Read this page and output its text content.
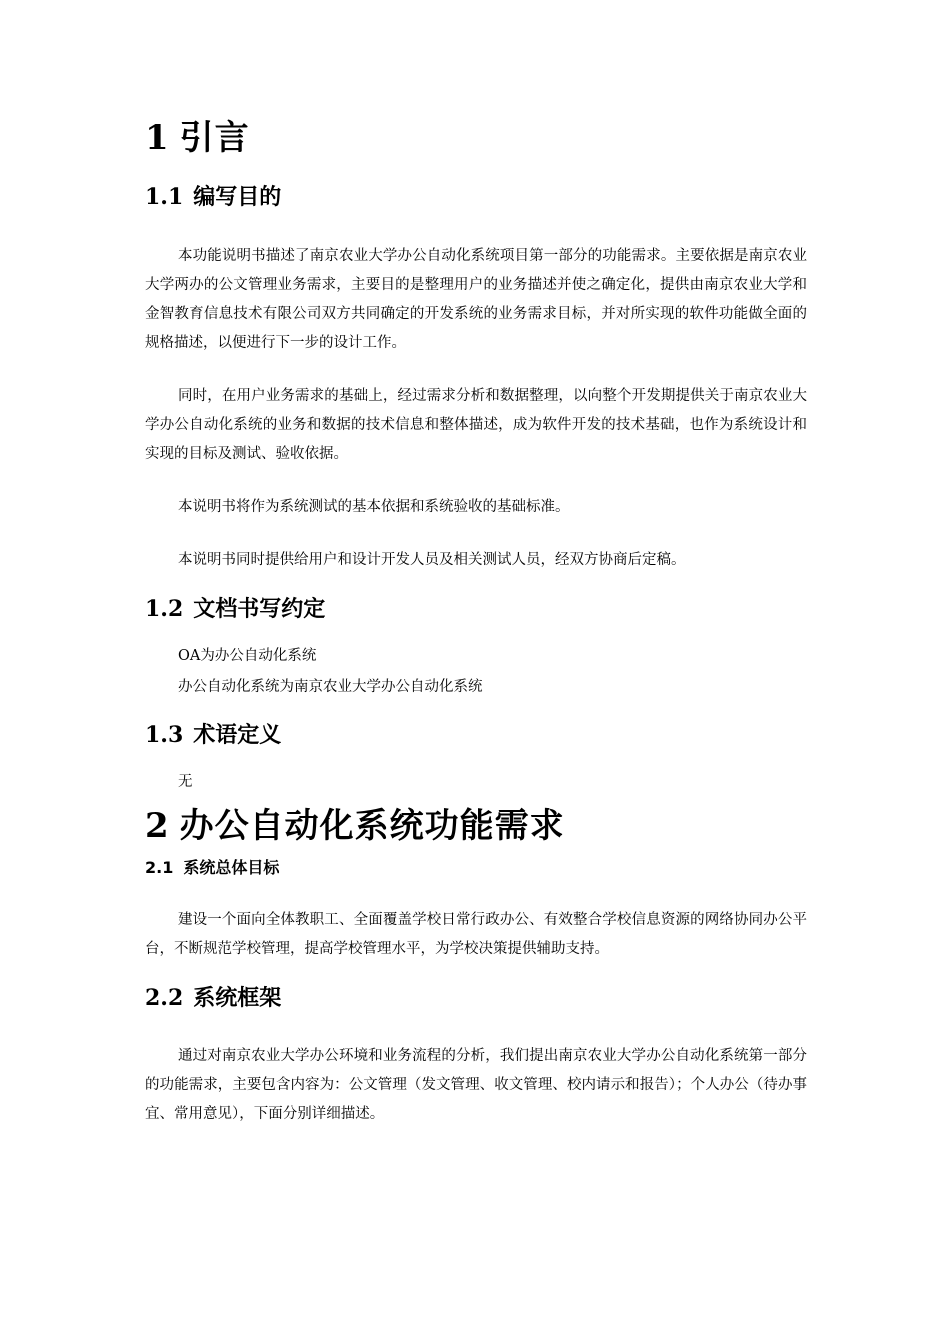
1 引言
1.1 编写目的

本功能说明书描述了南京农业大学办公自动化系统项目第一部分的功能需求。主要依据是南京农业大学两办的公文管理业务需求，主要目的是整理用户的业务描述并使之确定化，提供由南京农业大学和金智教育信息技术有限公司双方共同确定的开发系统的业务需求目标，并对所实现的软件功能做全面的规格描述，以便进行下一步的设计工作。

同时，在用户业务需求的基础上，经过需求分析和数据整理，以向整个开发期提供关于南京农业大学办公自动化系统的业务和数据的技术信息和整体描述，成为软件开发的技术基础，也作为系统设计和实现的目标及测试、验收依据。

本说明书将作为系统测试的基本依据和系统验收的基础标准。

本说明书同时提供给用户和设计开发人员及相关测试人员，经双方协商后定稿。

1.2 文档书写约定
OA为办公自动化系统
办公自动化系统为南京农业大学办公自动化系统
1.3 术语定义
无
2 办公自动化系统功能需求
2.1 系统总体目标

建设一个面向全体教职工、全面覆盖学校日常行政办公、有效整合学校信息资源的网络协同办公平台，不断规范学校管理，提高学校管理水平，为学校决策提供辅助支持。

2.2 系统框架

通过对南京农业大学办公环境和业务流程的分析，我们提出南京农业大学办公自动化系统第一部分的功能需求，主要包含内容为：公文管理（发文管理、收文管理、校内请示和报告）；个人办公（待办事宜、常用意见），下面分别详细描述。
